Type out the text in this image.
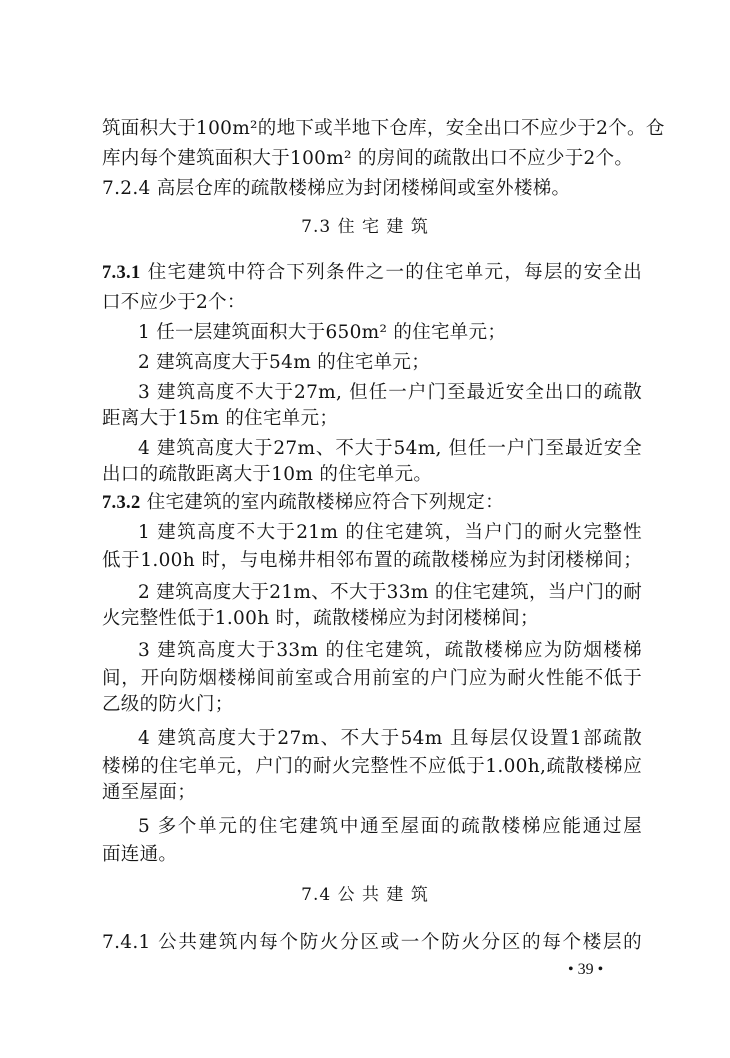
筑面积大于100m²的地下或半地下仓库，安全出口不应少于2个。仓
库内每个建筑面积大于100m² 的房间的疏散出口不应少于2个。
7.2.4 高层仓库的疏散楼梯应为封闭楼梯间或室外楼梯。
7.3 住 宅 建 筑
7.3.1 住宅建筑中符合下列条件之一的住宅单元，每层的安全出
口不应少于2个：
1 任一层建筑面积大于650m² 的住宅单元；
2 建筑高度大于54m 的住宅单元；
3 建筑高度不大于27m, 但任一户门至最近安全出口的疏散
距离大于15m 的住宅单元；
4 建筑高度大于27m、不大于54m, 但任一户门至最近安全
出口的疏散距离大于10m 的住宅单元。
7.3.2 住宅建筑的室内疏散楼梯应符合下列规定：
1 建筑高度不大于21m 的住宅建筑，当户门的耐火完整性
低于1.00h 时，与电梯井相邻布置的疏散楼梯应为封闭楼梯间；
2 建筑高度大于21m、不大于33m 的住宅建筑，当户门的耐
火完整性低于1.00h 时，疏散楼梯应为封闭楼梯间；
3 建筑高度大于33m 的住宅建筑，疏散楼梯应为防烟楼梯
间，开向防烟楼梯间前室或合用前室的户门应为耐火性能不低于
乙级的防火门；
4 建筑高度大于27m、不大于54m 且每层仅设置1部疏散
楼梯的住宅单元，户门的耐火完整性不应低于1.00h,疏散楼梯应
通至屋面；
5 多个单元的住宅建筑中通至屋面的疏散楼梯应能通过屋
面连通。
7.4 公 共 建 筑
7.4.1 公共建筑内每个防火分区或一个防火分区的每个楼层的
• 39 •
